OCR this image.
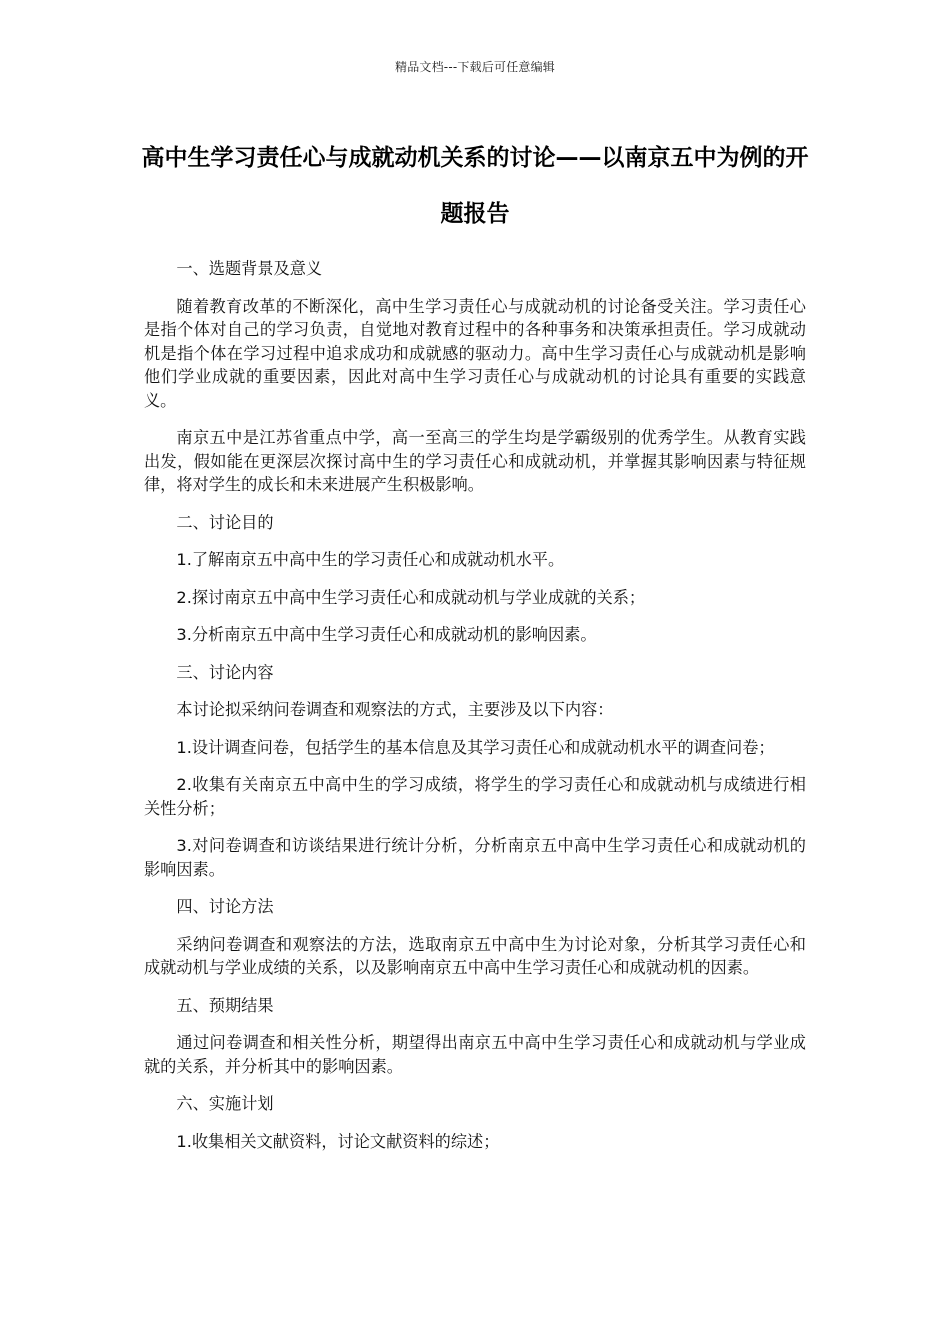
精品文档---下载后可任意编辑
高中生学习责任心与成就动机关系的讨论——以南京五中为例的开题报告
一、选题背景及意义
随着教育改革的不断深化，高中生学习责任心与成就动机的讨论备受关注。学习责任心是指个体对自己的学习负责，自觉地对教育过程中的各种事务和决策承担责任。学习成就动机是指个体在学习过程中追求成功和成就感的驱动力。高中生学习责任心与成就动机是影响他们学业成就的重要因素，因此对高中生学习责任心与成就动机的讨论具有重要的实践意义。
南京五中是江苏省重点中学，高一至高三的学生均是学霸级别的优秀学生。从教育实践出发，假如能在更深层次探讨高中生的学习责任心和成就动机，并掌握其影响因素与特征规律，将对学生的成长和未来进展产生积极影响。
二、讨论目的
1.了解南京五中高中生的学习责任心和成就动机水平。
2.探讨南京五中高中生学习责任心和成就动机与学业成就的关系；
3.分析南京五中高中生学习责任心和成就动机的影响因素。
三、讨论内容
本讨论拟采纳问卷调查和观察法的方式，主要涉及以下内容：
1.设计调查问卷，包括学生的基本信息及其学习责任心和成就动机水平的调查问卷；
2.收集有关南京五中高中生的学习成绩，将学生的学习责任心和成就动机与成绩进行相关性分析；
3.对问卷调查和访谈结果进行统计分析，分析南京五中高中生学习责任心和成就动机的影响因素。
四、讨论方法
采纳问卷调查和观察法的方法，选取南京五中高中生为讨论对象，分析其学习责任心和成就动机与学业成绩的关系，以及影响南京五中高中生学习责任心和成就动机的因素。
五、预期结果
通过问卷调查和相关性分析，期望得出南京五中高中生学习责任心和成就动机与学业成就的关系，并分析其中的影响因素。
六、实施计划
1.收集相关文献资料，讨论文献资料的综述；
